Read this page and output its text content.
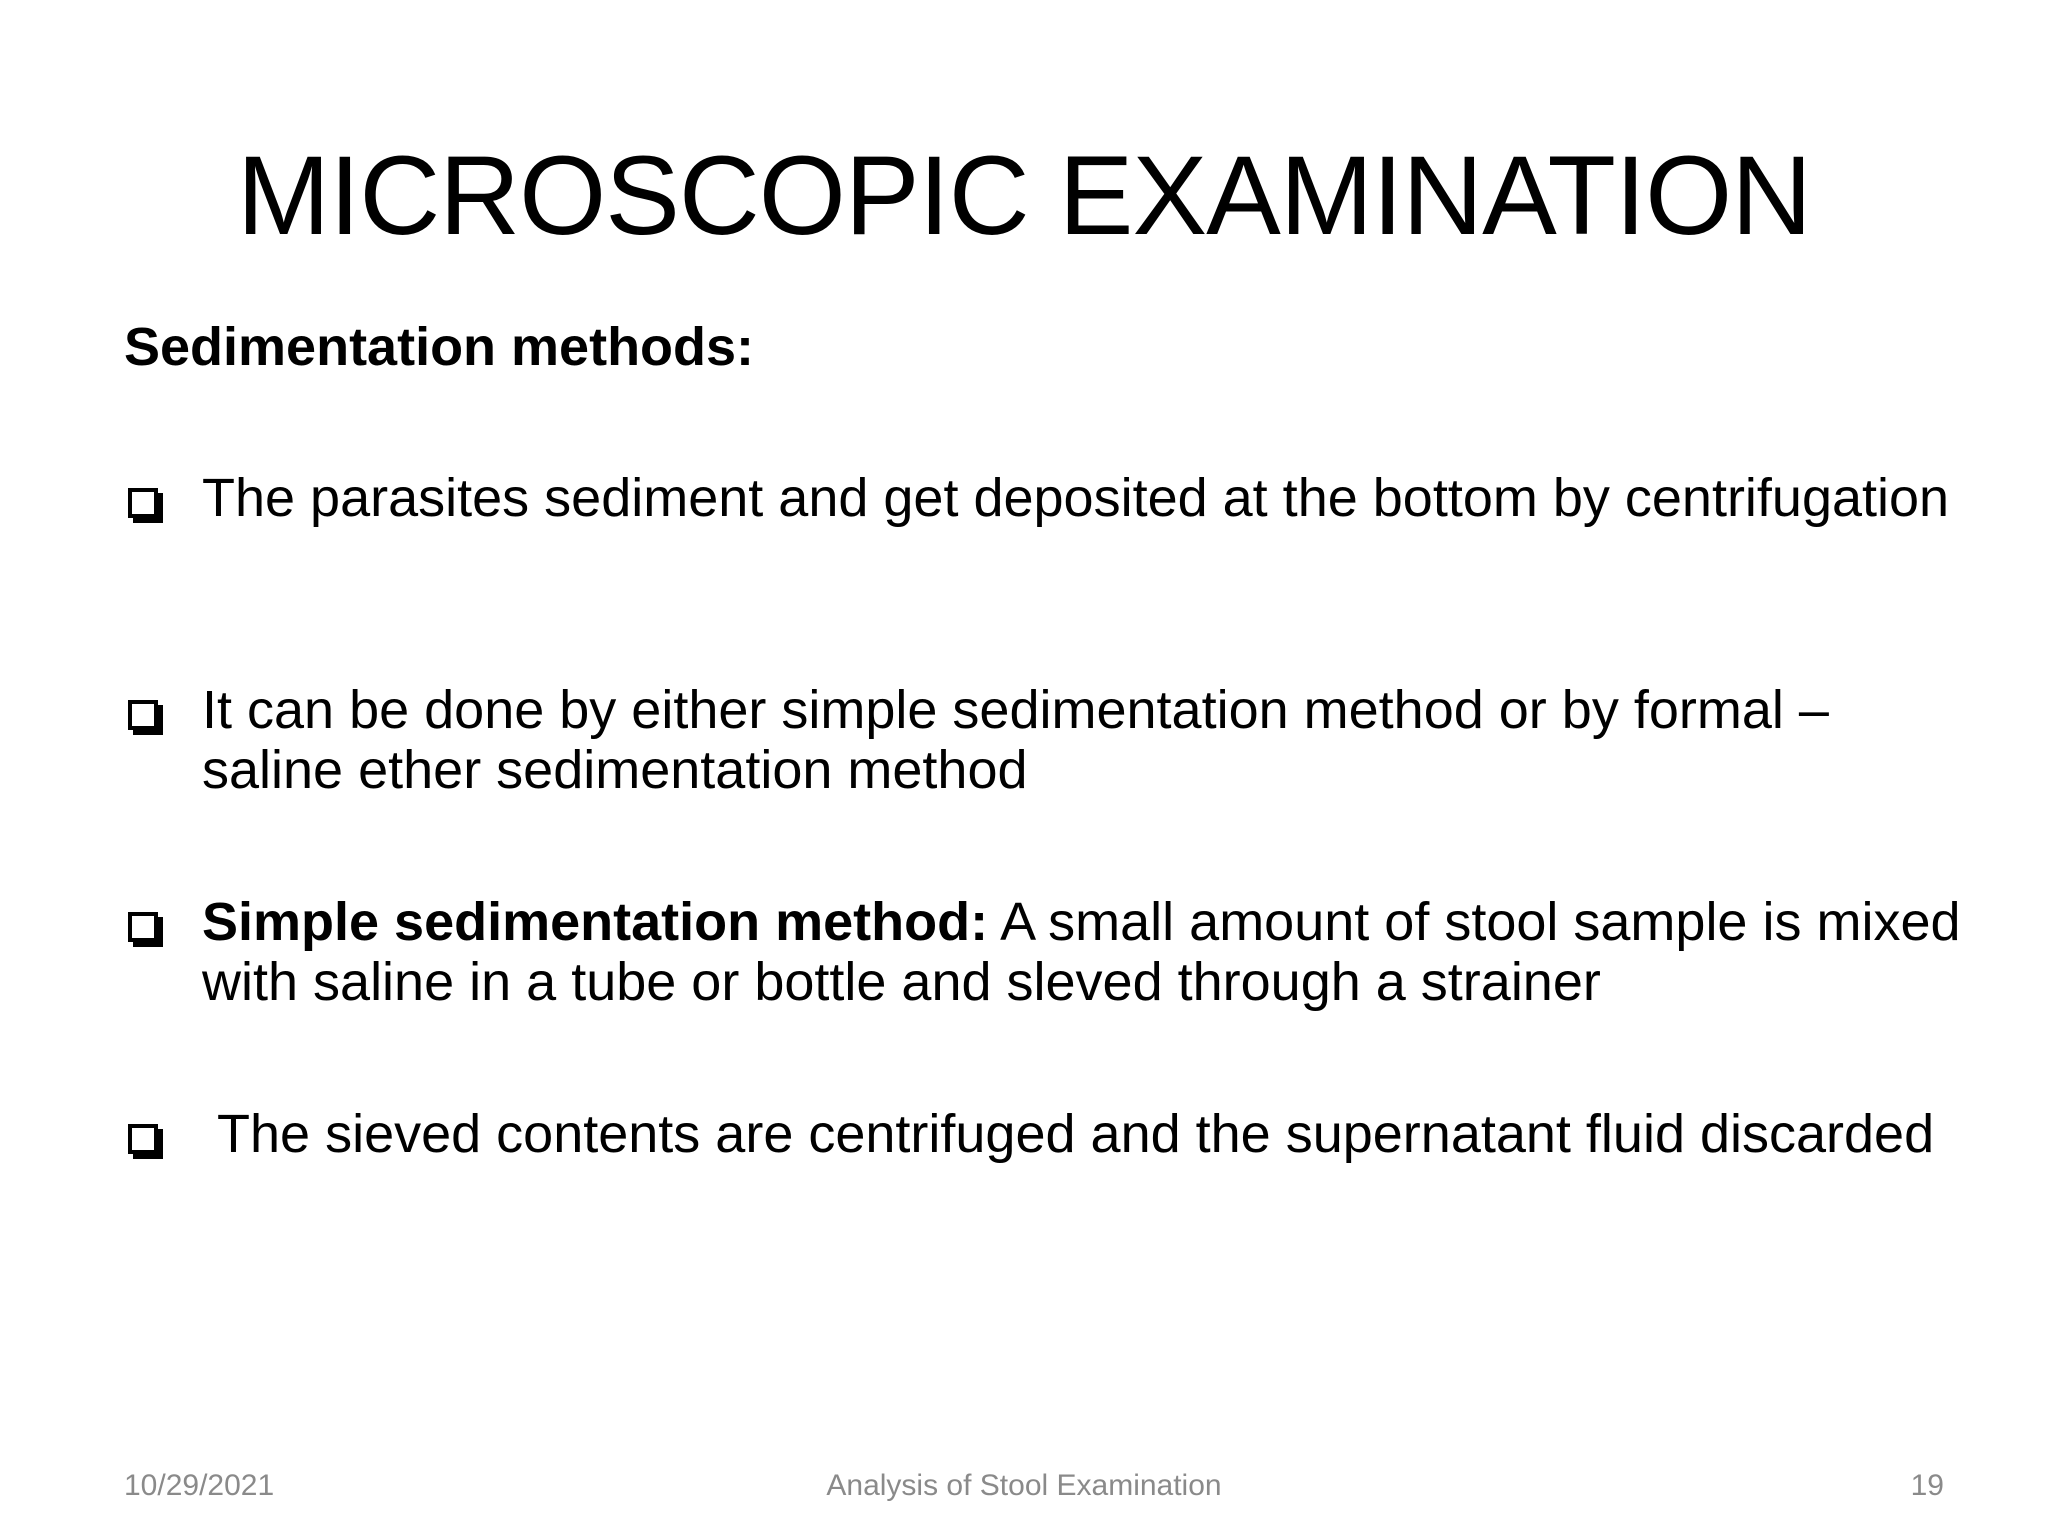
MICROSCOPIC EXAMINATION
Sedimentation methods:
The parasites sediment and get deposited at the bottom by centrifugation
It can be done by either simple sedimentation method or by formal – saline ether sedimentation method
Simple sedimentation method: A small amount of stool sample is mixed with saline in a tube or bottle and sleved through a strainer
The sieved contents are centrifuged and the supernatant fluid discarded
10/29/2021	Analysis of Stool Examination	19
